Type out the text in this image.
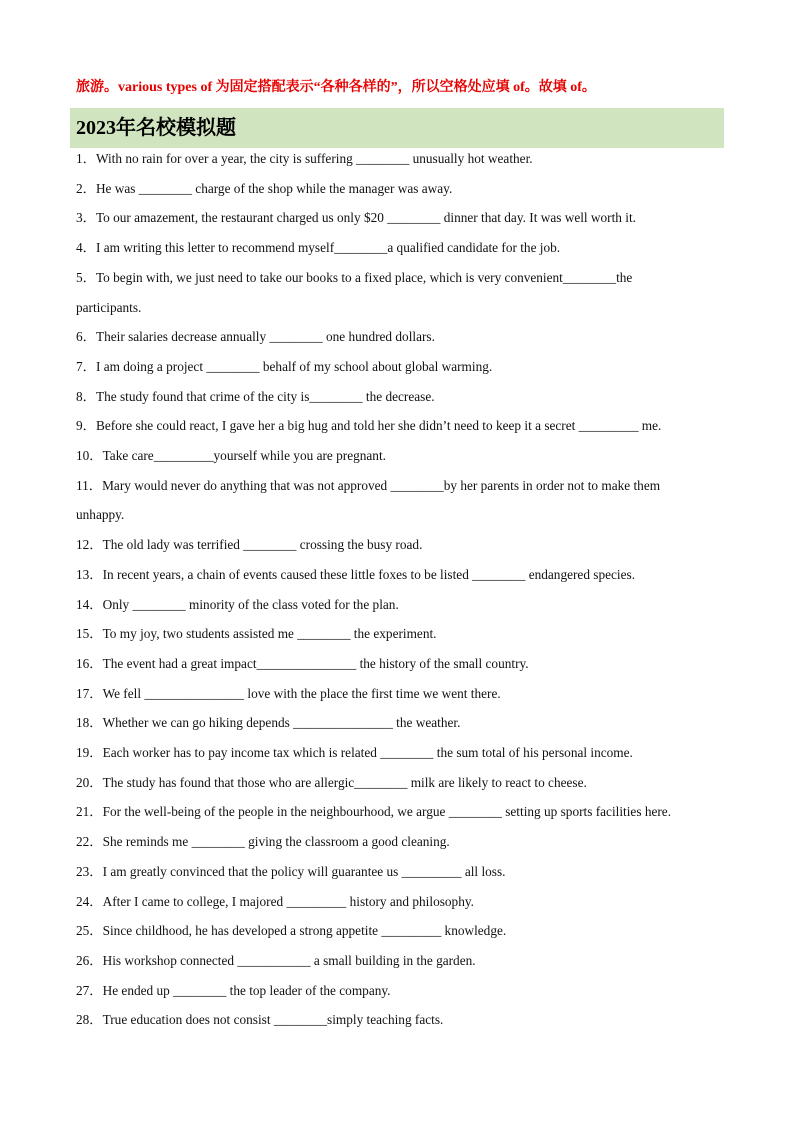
旅游。various types of 为固定搭配表示“各种各样的”，所以空格处应填 of。故填 of。
2023年名校模拟题
1．With no rain for over a year, the city is suffering ________ unusually hot weather.
2．He was ________ charge of the shop while the manager was away.
3．To our amazement, the restaurant charged us only $20 ________ dinner that day. It was well worth it.
4．I am writing this letter to recommend myself________a qualified candidate for the job.
5．To begin with, we just need to take our books to a fixed place, which is very convenient________the
participants.
6．Their salaries decrease annually ________ one hundred dollars.
7．I am doing a project ________ behalf of my school about global warming.
8．The study found that crime of the city is________ the decrease.
9．Before she could react, I gave her a big hug and told her she didn’t need to keep it a secret _________ me.
10．Take care_________yourself while you are pregnant.
11．Mary would never do anything that was not approved ________by her parents in order not to make them
unhappy.
12．The old lady was terrified ________ crossing the busy road.
13．In recent years, a chain of events caused these little foxes to be listed ________ endangered species.
14．Only ________ minority of the class voted for the plan.
15．To my joy, two students assisted me ________ the experiment.
16．The event had a great impact_______________ the history of the small country.
17．We fell _______________ love with the place the first time we went there.
18．Whether we can go hiking depends _______________ the weather.
19．Each worker has to pay income tax which is related ________ the sum total of his personal income.
20．The study has found that those who are allergic________ milk are likely to react to cheese.
21．For the well-being of the people in the neighbourhood, we argue ________ setting up sports facilities here.
22．She reminds me ________ giving the classroom a good cleaning.
23．I am greatly convinced that the policy will guarantee us _________ all loss.
24．After I came to college, I majored _________ history and philosophy.
25．Since childhood, he has developed a strong appetite _________ knowledge.
26．His workshop connected ___________ a small building in the garden.
27．He ended up ________ the top leader of the company.
28．True education does not consist ________simply teaching facts.
